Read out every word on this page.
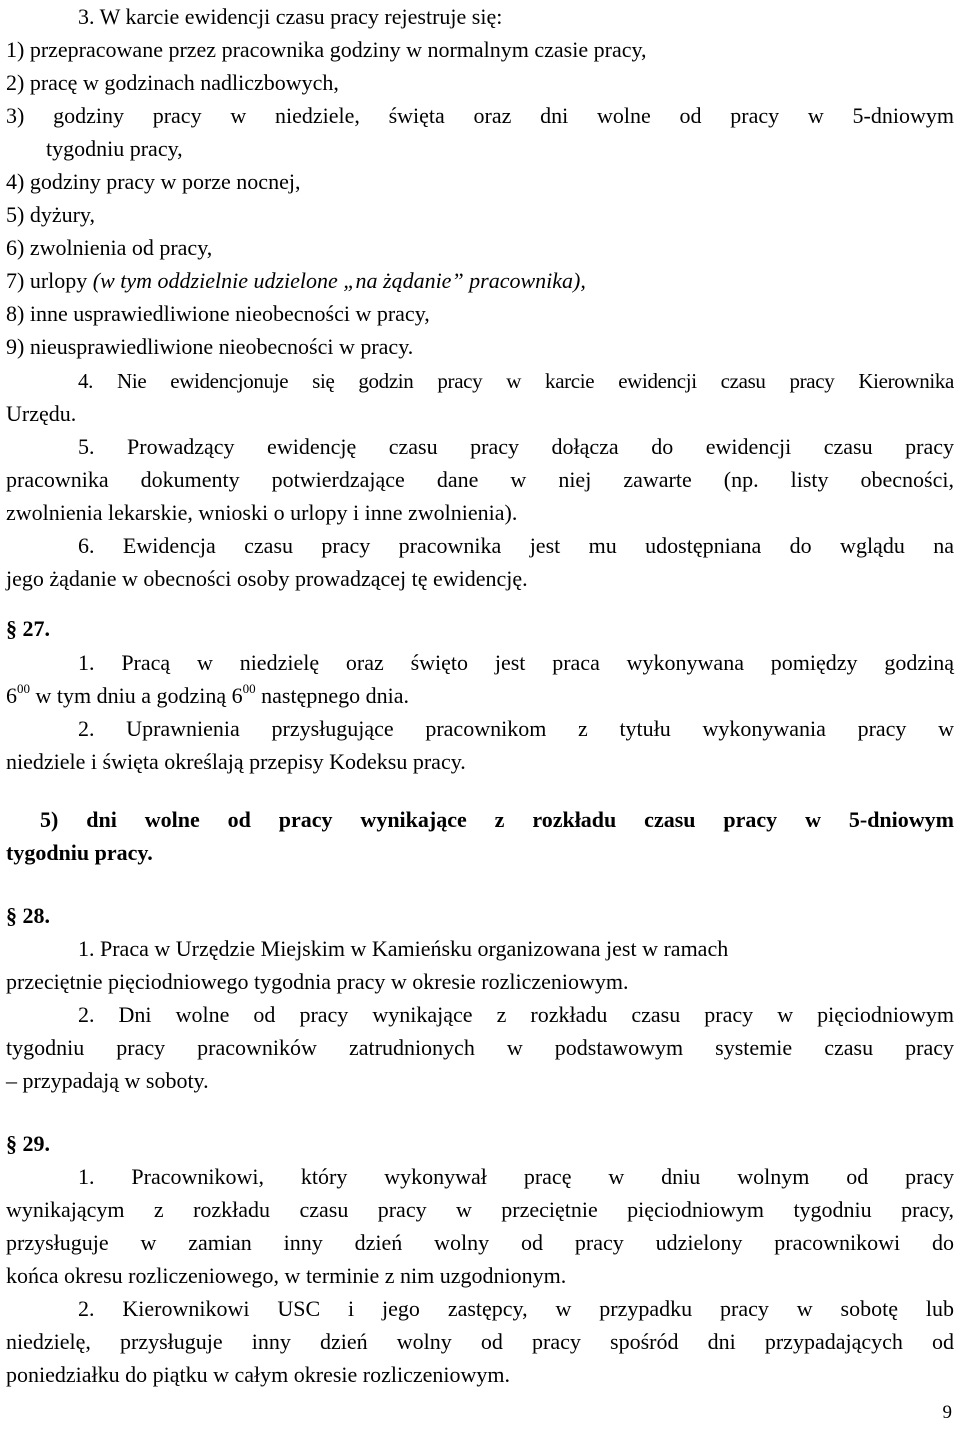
3. W karcie ewidencji czasu pracy rejestruje się:
1) przepracowane przez pracownika godziny w normalnym czasie pracy,
2) pracę w godzinach nadliczbowych,
3) godziny pracy w niedziele, święta oraz dni wolne od pracy w 5-dniowym
tygodniu pracy,
4) godziny pracy w porze nocnej,
5) dyżury,
6) zwolnienia od pracy,
7) urlopy (w tym oddzielnie udzielone „na żądanie” pracownika),
8) inne usprawiedliwione nieobecności w pracy,
9) nieusprawiedliwione nieobecności w pracy.
4. Nie ewidencjonuje się godzin pracy w karcie ewidencji czasu pracy Kierownika
Urzędu.
5. Prowadzący ewidencję czasu pracy dołącza do ewidencji czasu pracy
pracownika dokumenty potwierdzające dane w niej zawarte (np. listy obecności,
zwolnienia lekarskie, wnioski o urlopy i inne zwolnienia).
6. Ewidencja czasu pracy pracownika jest mu udostępniana do wglądu na
jego żądanie w obecności osoby prowadzącej tę ewidencję.
§ 27.
1. Pracą w niedzielę oraz święto jest praca wykonywana pomiędzy godziną
$6^{00}$ w tym dniu a godziną $6^{00}$ następnego dnia.
2. Uprawnienia przysługujące pracownikom z tytułu wykonywania pracy w
niedziele i święta określają przepisy Kodeksu pracy.
5) dni wolne od pracy wynikające z rozkładu czasu pracy w 5-dniowym
tygodniu pracy.
§ 28.
1. Praca w Urzędzie Miejskim w Kamieńsku organizowana jest w ramach
przeciętnie pięciodniowego tygodnia pracy w okresie rozliczeniowym.
2. Dni wolne od pracy wynikające z rozkładu czasu pracy w pięciodniowym
tygodniu pracy pracowników zatrudnionych w podstawowym systemie czasu pracy
– przypadają w soboty.
§ 29.
1. Pracownikowi, który wykonywał pracę w dniu wolnym od pracy
wynikającym z rozkładu czasu pracy w przeciętnie pięciodniowym tygodniu pracy,
przysługuje w zamian inny dzień wolny od pracy udzielony pracownikowi do
końca okresu rozliczeniowego, w terminie z nim uzgodnionym.
2. Kierownikowi USC i jego zastępcy, w przypadku pracy w sobotę lub
niedzielę, przysługuje inny dzień wolny od pracy spośród dni przypadających od
poniedziałku do piątku w całym okresie rozliczeniowym.
9
